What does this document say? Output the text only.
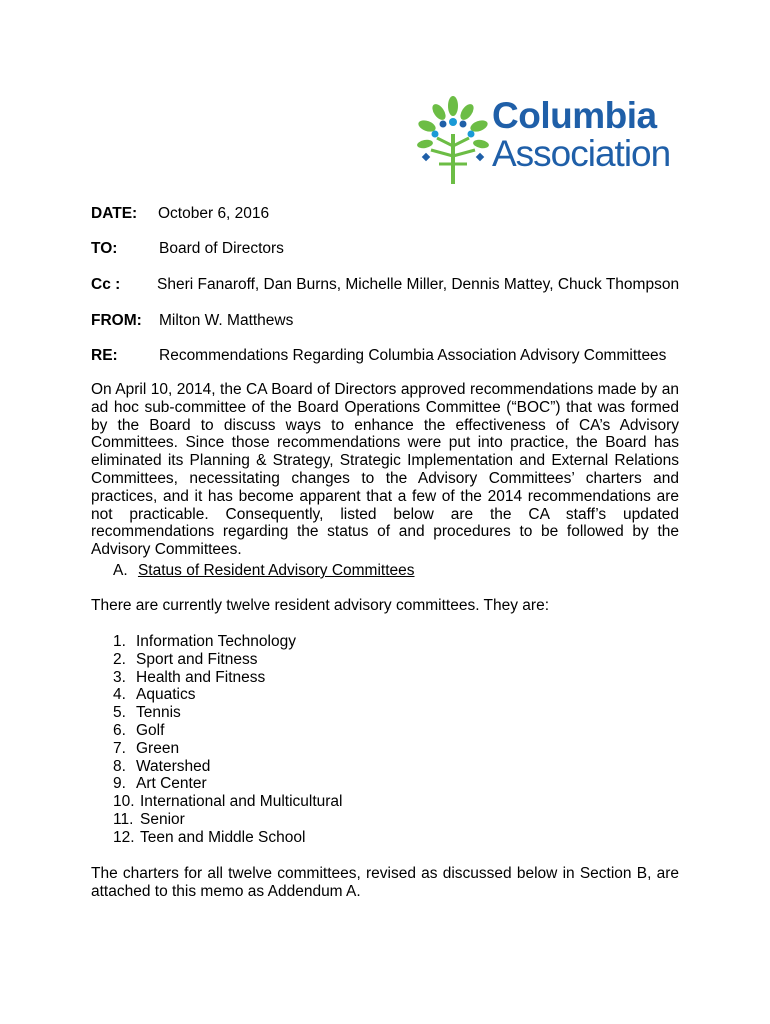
Columbia
Association
DATE: October 6, 2016
TO:	Board of Directors
Cc : Sheri Fanaroff, Dan Burns, Michelle Miller, Dennis Mattey, Chuck Thompson
FROM: Milton W. Matthews
RE:	Recommendations Regarding Columbia Association Advisory Committees
On April 10, 2014, the CA Board of Directors approved recommendations made by an ad hoc sub-committee of the Board Operations Committee (“BOC”) that was formed by the Board to discuss ways to enhance the effectiveness of CA’s Advisory Committees. Since those recommendations were put into practice, the Board has eliminated its Planning & Strategy, Strategic Implementation and External Relations Committees, necessitating changes to the Advisory Committees’ charters and practices, and it has become apparent that a few of the 2014 recommendations are not practicable. Consequently, listed below are the CA staff’s updated recommendations regarding the status of and procedures to be followed by the Advisory Committees.
A. Status of Resident Advisory Committees
There are currently twelve resident advisory committees. They are:
1. Information Technology
2. Sport and Fitness
3. Health and Fitness
4. Aquatics
5. Tennis
6. Golf
7. Green
8. Watershed
9. Art Center
10. International and Multicultural
11. Senior
12. Teen and Middle School
The charters for all twelve committees, revised as discussed below in Section B, are attached to this memo as Addendum A.
